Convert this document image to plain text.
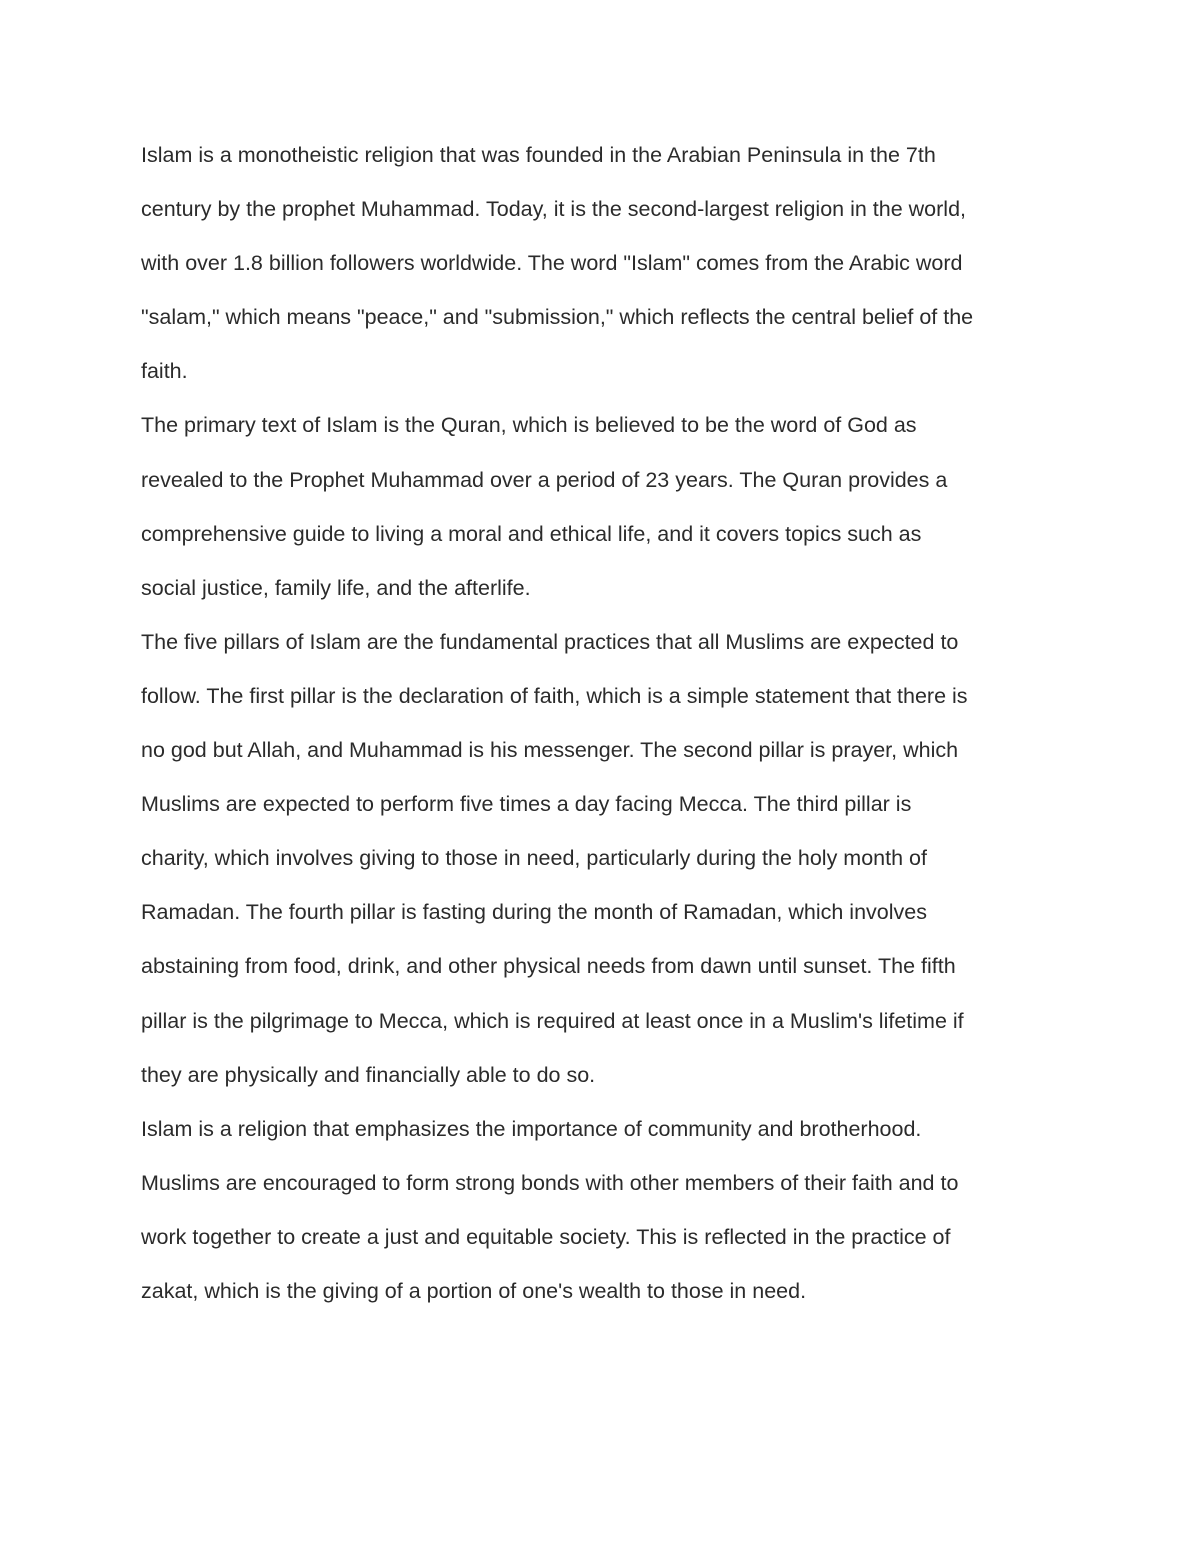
Islam is a monotheistic religion that was founded in the Arabian Peninsula in the 7th
century by the prophet Muhammad. Today, it is the second-largest religion in the world,
with over 1.8 billion followers worldwide. The word "Islam" comes from the Arabic word
"salam," which means "peace," and "submission," which reflects the central belief of the
faith.

The primary text of Islam is the Quran, which is believed to be the word of God as
revealed to the Prophet Muhammad over a period of 23 years. The Quran provides a
comprehensive guide to living a moral and ethical life, and it covers topics such as
social justice, family life, and the afterlife.

The five pillars of Islam are the fundamental practices that all Muslims are expected to
follow. The first pillar is the declaration of faith, which is a simple statement that there is
no god but Allah, and Muhammad is his messenger. The second pillar is prayer, which
Muslims are expected to perform five times a day facing Mecca. The third pillar is
charity, which involves giving to those in need, particularly during the holy month of
Ramadan. The fourth pillar is fasting during the month of Ramadan, which involves
abstaining from food, drink, and other physical needs from dawn until sunset. The fifth
pillar is the pilgrimage to Mecca, which is required at least once in a Muslim's lifetime if
they are physically and financially able to do so.

Islam is a religion that emphasizes the importance of community and brotherhood.
Muslims are encouraged to form strong bonds with other members of their faith and to
work together to create a just and equitable society. This is reflected in the practice of
zakat, which is the giving of a portion of one's wealth to those in need.
